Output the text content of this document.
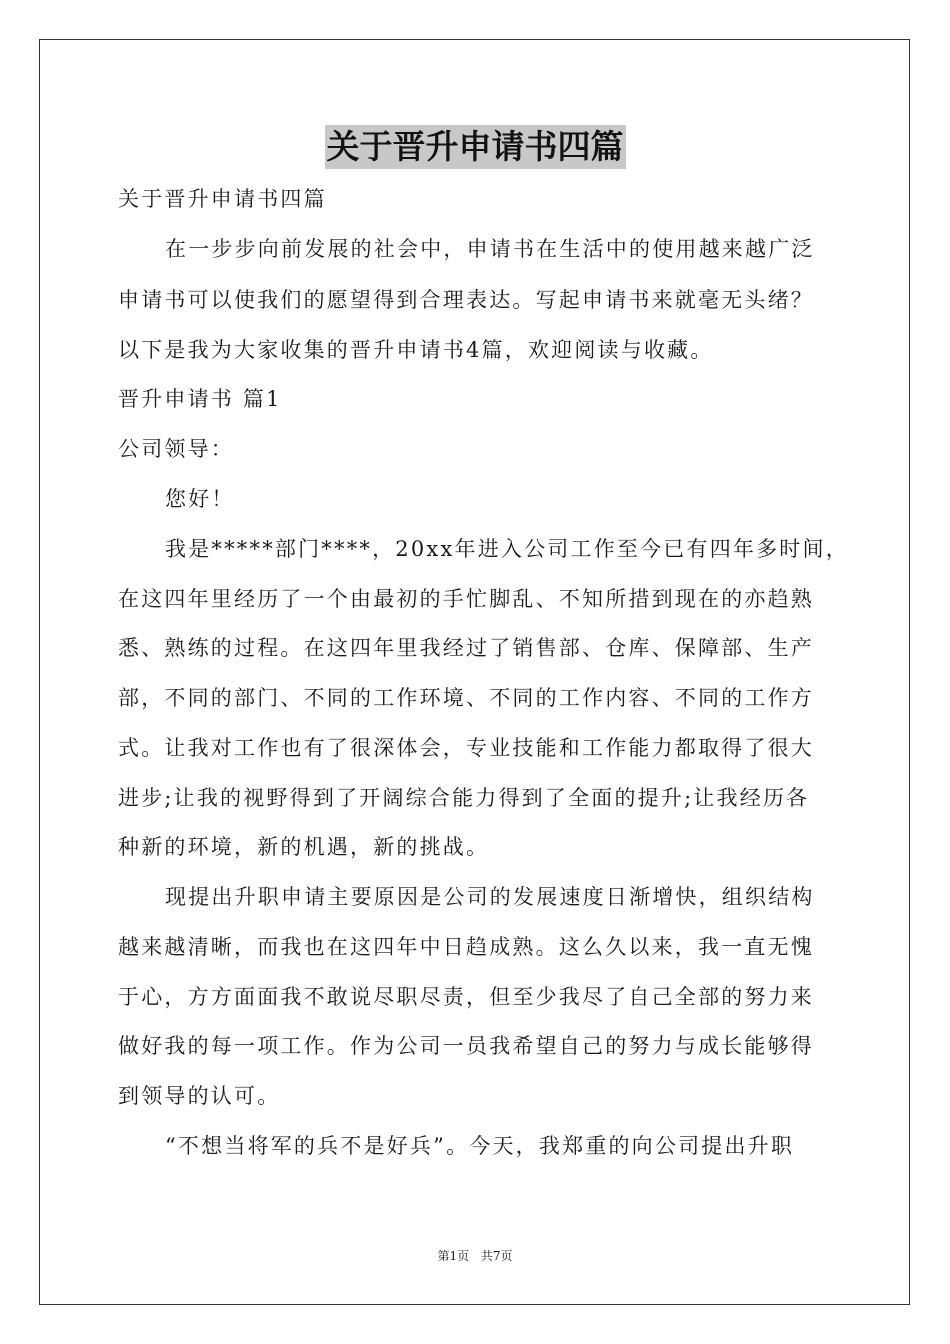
关于晋升申请书四篇
关于晋升申请书四篇
在一步步向前发展的社会中，申请书在生活中的使用越来越广泛
申请书可以使我们的愿望得到合理表达。写起申请书来就毫无头绪？
以下是我为大家收集的晋升申请书4篇，欢迎阅读与收藏。
晋升申请书 篇1
公司领导：
您好！
我是*****部门****，20xx年进入公司工作至今已有四年多时间，
在这四年里经历了一个由最初的手忙脚乱、不知所措到现在的亦趋熟
悉、熟练的过程。在这四年里我经过了销售部、仓库、保障部、生产
部，不同的部门、不同的工作环境、不同的工作内容、不同的工作方
式。让我对工作也有了很深体会，专业技能和工作能力都取得了很大
进步;让我的视野得到了开阔综合能力得到了全面的提升;让我经历各
种新的环境，新的机遇，新的挑战。
现提出升职申请主要原因是公司的发展速度日渐增快，组织结构
越来越清晰，而我也在这四年中日趋成熟。这么久以来，我一直无愧
于心，方方面面我不敢说尽职尽责，但至少我尽了自己全部的努力来
做好我的每一项工作。作为公司一员我希望自己的努力与成长能够得
到领导的认可。
“不想当将军的兵不是好兵”。今天，我郑重的向公司提出升职
第1页 共7页
